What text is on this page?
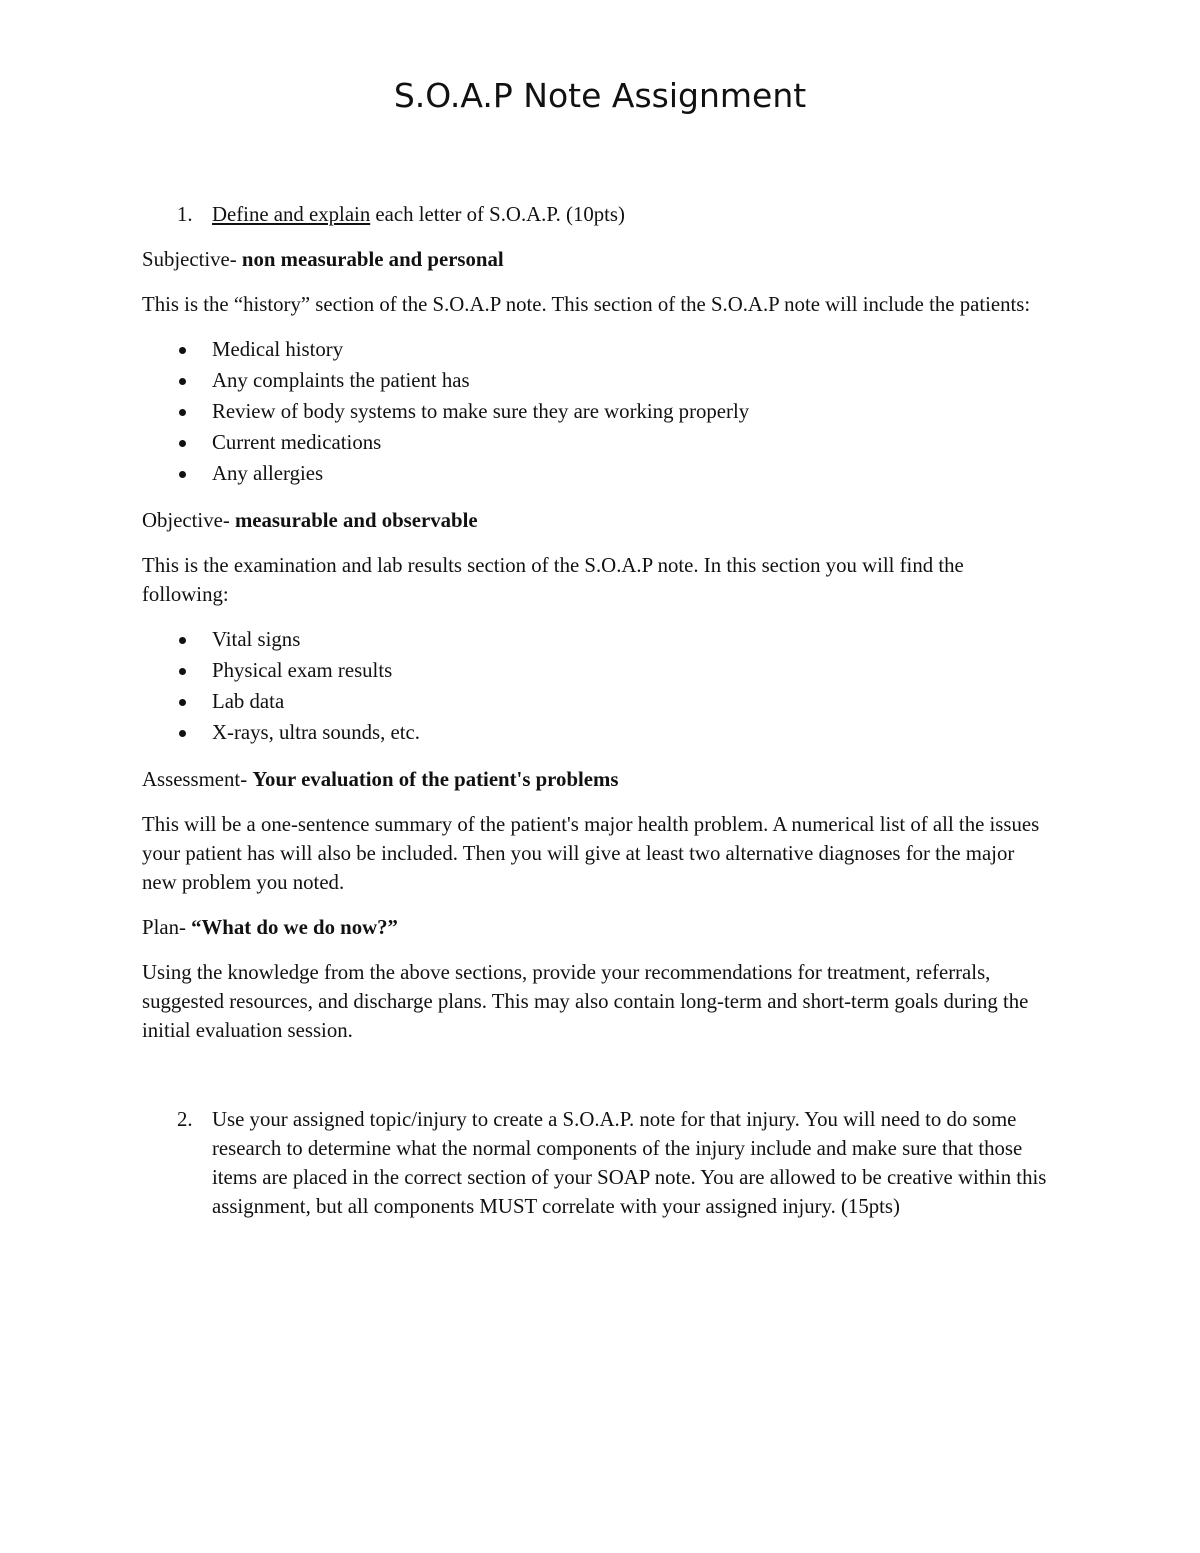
S.O.A.P Note Assignment
1. Define and explain each letter of S.O.A.P. (10pts)

Subjective- non measurable and personal

This is the “history” section of the S.O.A.P note. This section of the S.O.A.P note will include the patients:

Medical history
Any complaints the patient has
Review of body systems to make sure they are working properly
Current medications
Any allergies

Objective- measurable and observable

This is the examination and lab results section of the S.O.A.P note. In this section you will find the following:

Vital signs
Physical exam results
Lab data
X-rays, ultra sounds, etc.

Assessment- Your evaluation of the patient's problems

This will be a one-sentence summary of the patient's major health problem. A numerical list of all the issues your patient has will also be included. Then you will give at least two alternative diagnoses for the major new problem you noted.

Plan- “What do we do now?”

Using the knowledge from the above sections, provide your recommendations for treatment, referrals, suggested resources, and discharge plans. This may also contain long-term and short-term goals during the initial evaluation session.

2. Use your assigned topic/injury to create a S.O.A.P. note for that injury. You will need to do some research to determine what the normal components of the injury include and make sure that those items are placed in the correct section of your SOAP note. You are allowed to be creative within this assignment, but all components MUST correlate with your assigned injury. (15pts)
